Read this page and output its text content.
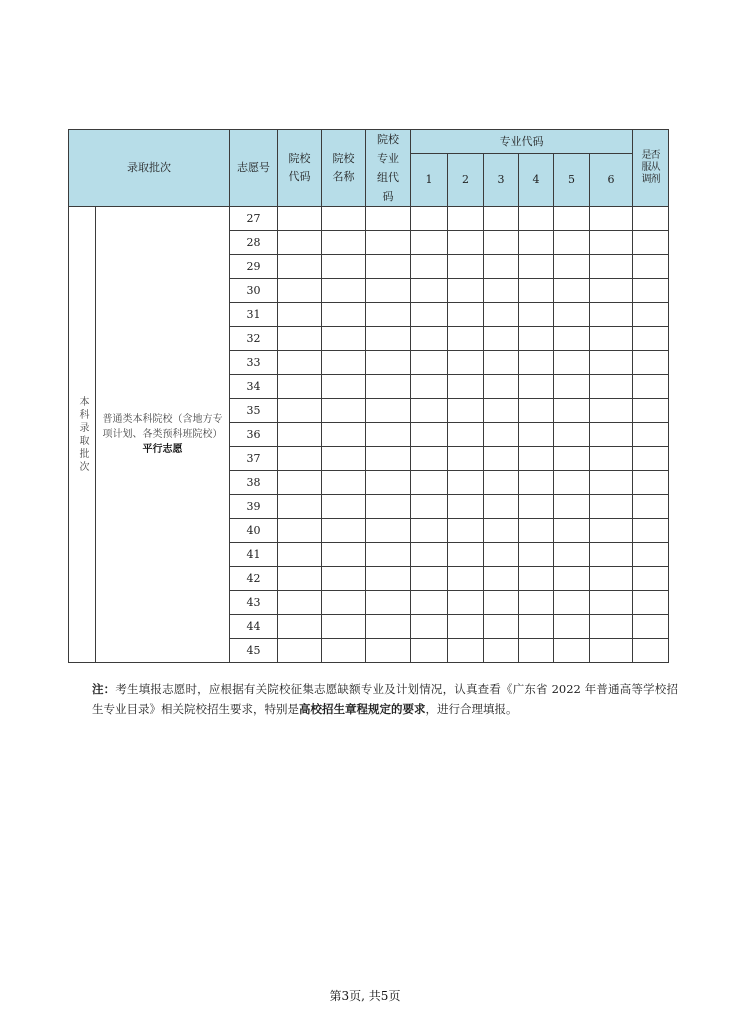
录取批次		志愿号	院校代码	院校名称	院校专业组代码	专业代码						是否服从调剂

						1	2	3	4	5	6	

本科录取批次	普通类本科院校（含地方专项计划、各类预科班院校）平行志愿	27										
		28										
		29										
		30										
		31										
		32										
		33										
		34										
		35										
		36										
		37										
		38										
		39										
		40										
		41										
		42										
		43										
		44										
		45										
注：考生填报志愿时，应根据有关院校征集志愿缺额专业及计划情况，认真查看《广东省 2022 年普通高等学校招生专业目录》相关院校招生要求，特别是高校招生章程规定的要求，进行合理填报。
第3页, 共5页
